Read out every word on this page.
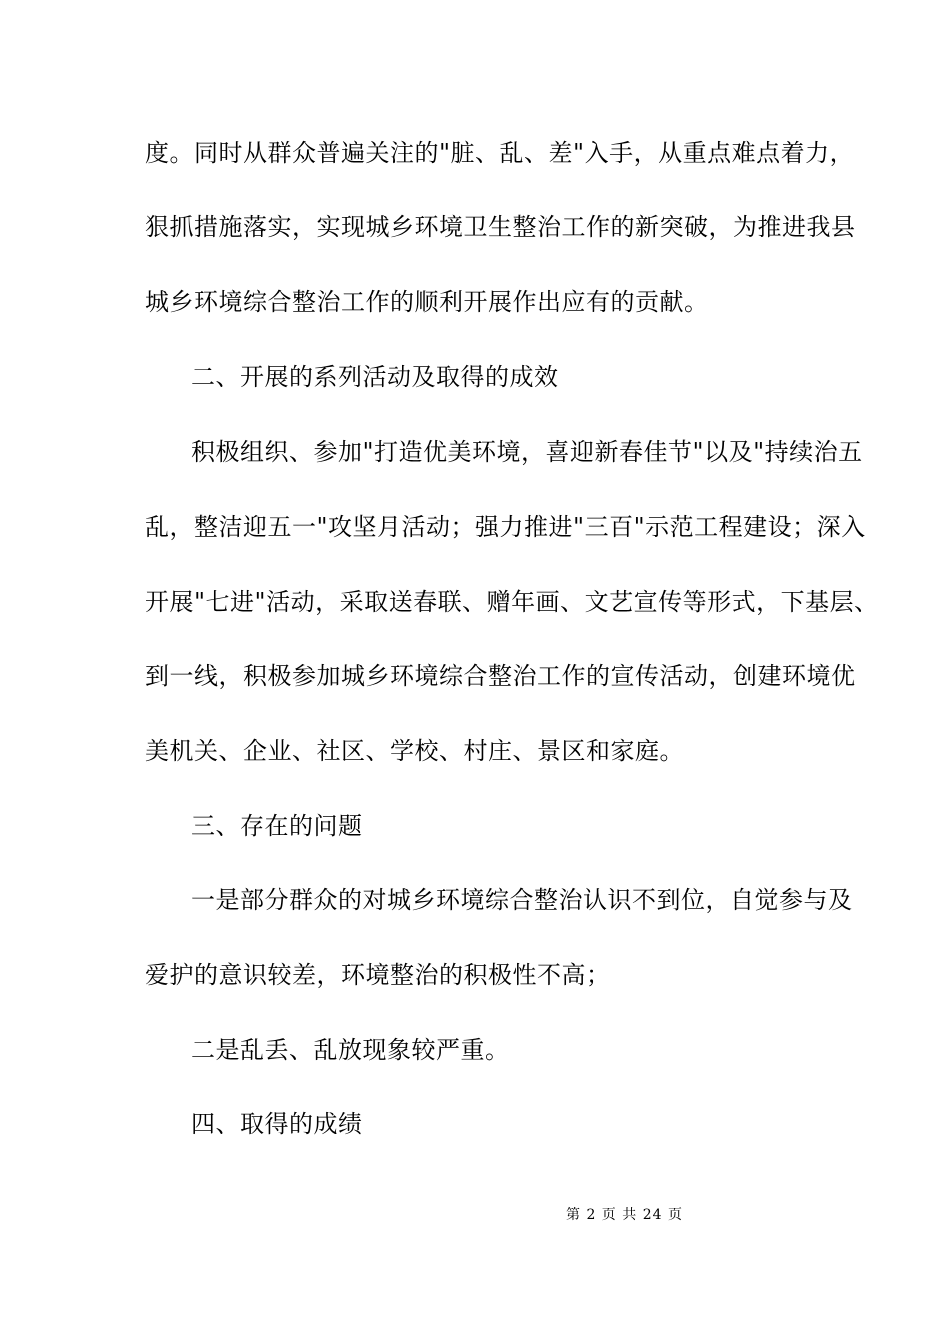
度。同时从群众普遍关注的"脏、乱、差"入手，从重点难点着力，
狠抓措施落实，实现城乡环境卫生整治工作的新突破，为推进我县
城乡环境综合整治工作的顺利开展作出应有的贡献。
二、开展的系列活动及取得的成效
积极组织、参加"打造优美环境，喜迎新春佳节"以及"持续治五
乱，整洁迎五一"攻坚月活动；强力推进"三百"示范工程建设；深入
开展"七进"活动，采取送春联、赠年画、文艺宣传等形式，下基层、
到一线，积极参加城乡环境综合整治工作的宣传活动，创建环境优
美机关、企业、社区、学校、村庄、景区和家庭。
三、存在的问题
一是部分群众的对城乡环境综合整治认识不到位，自觉参与及
爱护的意识较差，环境整治的积极性不高；
二是乱丢、乱放现象较严重。
四、取得的成绩
第 2 页 共 24 页
